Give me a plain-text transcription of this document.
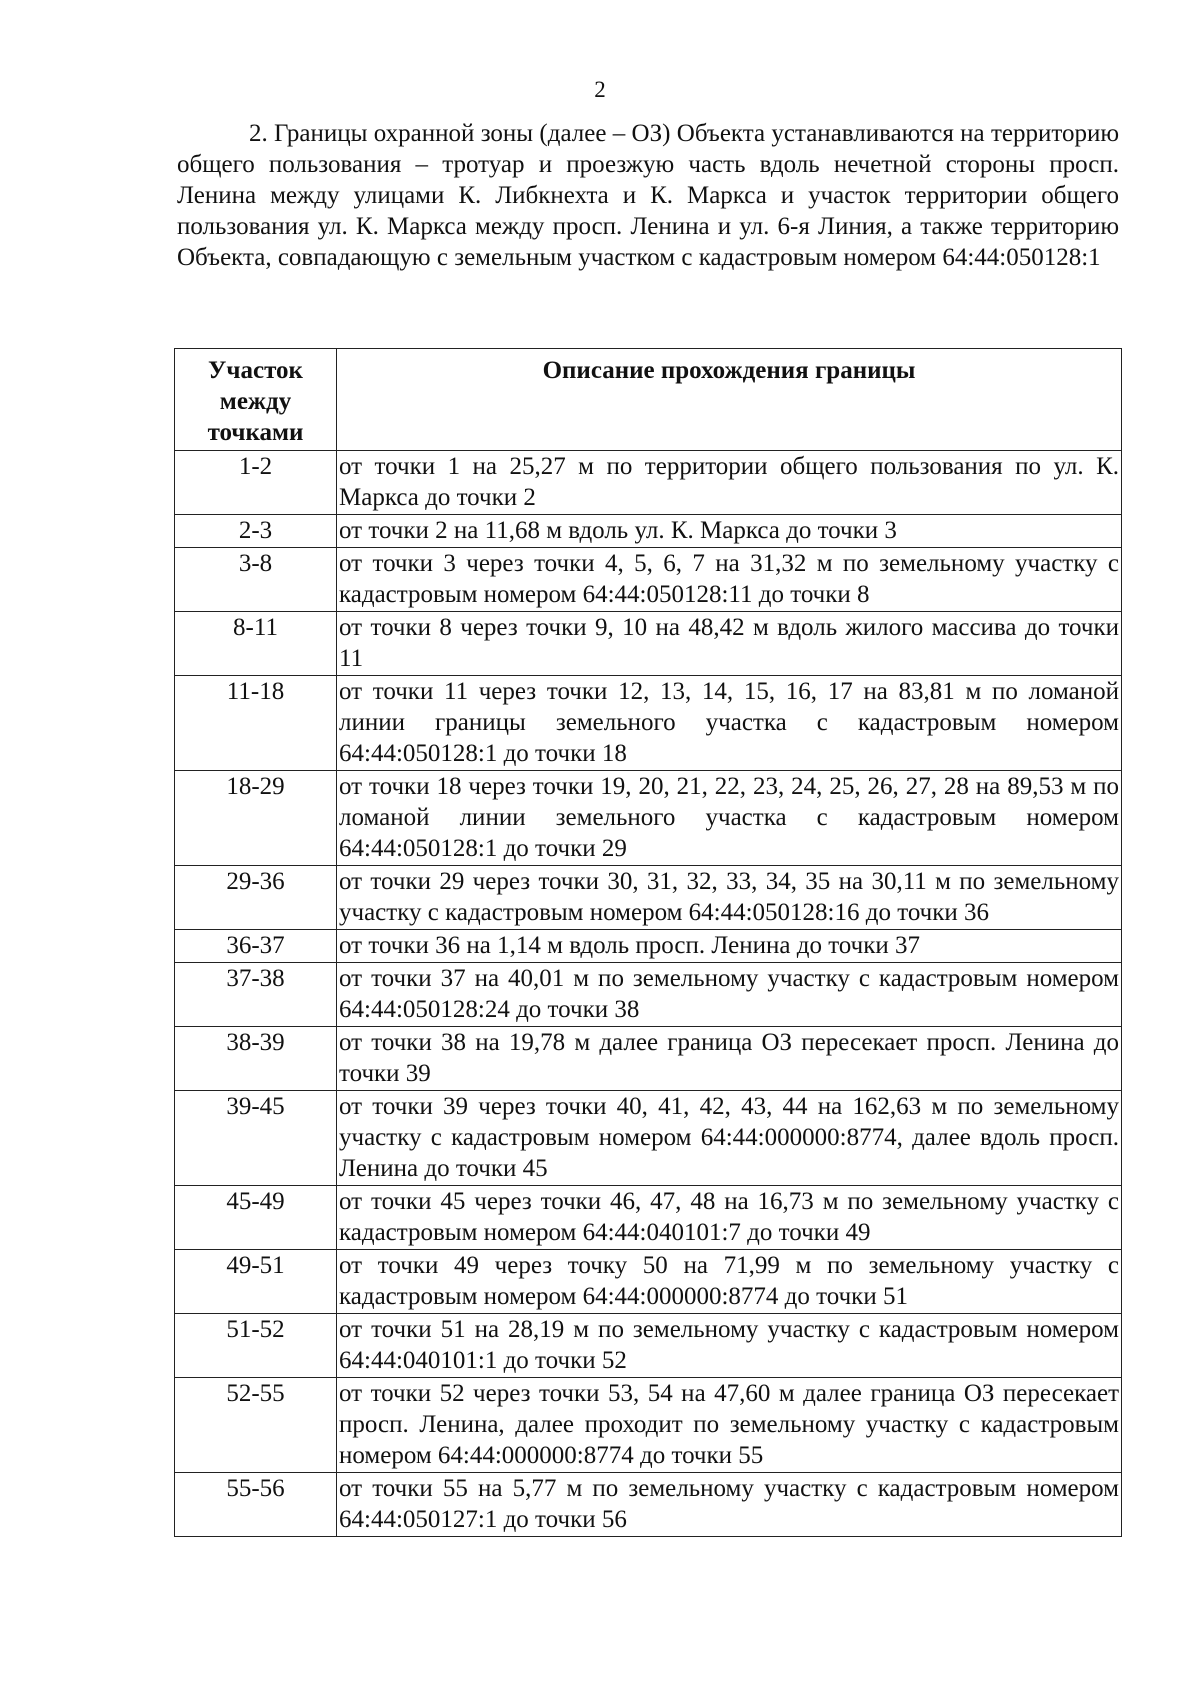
2

2. Границы охранной зоны (далее – ОЗ) Объекта устанавливаются на территорию общего пользования – тротуар и проезжую часть вдоль нечетной стороны просп. Ленина между улицами К. Либкнехта и К. Маркса и участок территории общего пользования ул. К. Маркса между просп. Ленина и ул. 6-я Линия, а также территорию Объекта, совпадающую с земельным участком с кадастровым номером 64:44:050128:1

Участок между точками	Описание прохождения границы
1-2	от точки 1 на 25,27 м по территории общего пользования по ул. К. Маркса до точки 2
2-3	от точки 2 на 11,68 м вдоль ул. К. Маркса до точки 3
3-8	от точки 3 через точки 4, 5, 6, 7 на 31,32 м по земельному участку с кадастровым номером 64:44:050128:11 до точки 8
8-11	от точки 8 через точки 9, 10 на 48,42 м вдоль жилого массива до точки 11
11-18	от точки 11 через точки 12, 13, 14, 15, 16, 17 на 83,81 м по ломаной линии границы земельного участка с кадастровым номером 64:44:050128:1 до точки 18
18-29	от точки 18 через точки 19, 20, 21, 22, 23, 24, 25, 26, 27, 28 на 89,53 м по ломаной линии земельного участка с кадастровым номером 64:44:050128:1 до точки 29
29-36	от точки 29 через точки 30, 31, 32, 33, 34, 35 на 30,11 м по земельному участку с кадастровым номером 64:44:050128:16 до точки 36
36-37	от точки 36 на 1,14 м вдоль просп. Ленина до точки 37
37-38	от точки 37 на 40,01 м по земельному участку с кадастровым номером 64:44:050128:24 до точки 38
38-39	от точки 38 на 19,78 м далее граница ОЗ пересекает просп. Ленина до точки 39
39-45	от точки 39 через точки 40, 41, 42, 43, 44 на 162,63 м по земельному участку с кадастровым номером 64:44:000000:8774, далее вдоль просп. Ленина до точки 45
45-49	от точки 45 через точки 46, 47, 48 на 16,73 м по земельному участку с кадастровым номером 64:44:040101:7 до точки 49
49-51	от точки 49 через точку 50 на 71,99 м по земельному участку с кадастровым номером 64:44:000000:8774 до точки 51
51-52	от точки 51 на 28,19 м по земельному участку с кадастровым номером 64:44:040101:1 до точки 52
52-55	от точки 52 через точки 53, 54 на 47,60 м далее граница ОЗ пересекает просп. Ленина, далее проходит по земельному участку с кадастровым номером 64:44:000000:8774 до точки 55
55-56	от точки 55 на 5,77 м по земельному участку с кадастровым номером 64:44:050127:1 до точки 56
